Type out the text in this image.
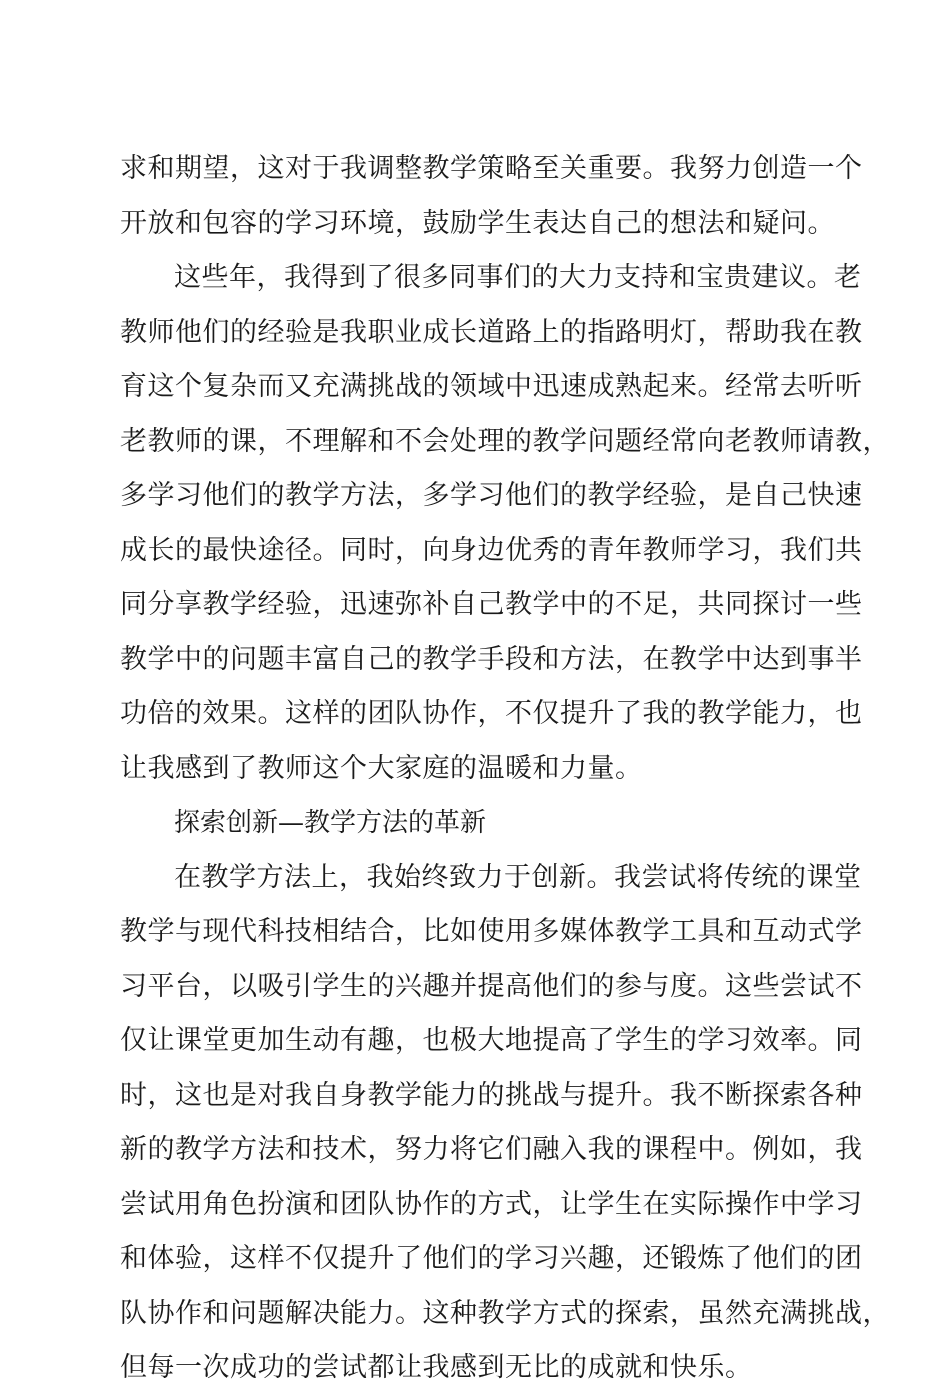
求和期望，这对于我调整教学策略至关重要。我努力创造一个
开放和包容的学习环境，鼓励学生表达自己的想法和疑问。
这些年，我得到了很多同事们的大力支持和宝贵建议。老
教师他们的经验是我职业成长道路上的指路明灯，帮助我在教
育这个复杂而又充满挑战的领域中迅速成熟起来。经常去听听
老教师的课，不理解和不会处理的教学问题经常向老教师请教，
多学习他们的教学方法，多学习他们的教学经验，是自己快速
成长的最快途径。同时，向身边优秀的青年教师学习，我们共
同分享教学经验，迅速弥补自己教学中的不足，共同探讨一些
教学中的问题丰富自己的教学手段和方法，在教学中达到事半
功倍的效果。这样的团队协作，不仅提升了我的教学能力，也
让我感到了教师这个大家庭的温暖和力量。
探索创新—教学方法的革新
在教学方法上，我始终致力于创新。我尝试将传统的课堂
教学与现代科技相结合，比如使用多媒体教学工具和互动式学
习平台，以吸引学生的兴趣并提高他们的参与度。这些尝试不
仅让课堂更加生动有趣，也极大地提高了学生的学习效率。同
时，这也是对我自身教学能力的挑战与提升。我不断探索各种
新的教学方法和技术，努力将它们融入我的课程中。例如，我
尝试用角色扮演和团队协作的方式，让学生在实际操作中学习
和体验，这样不仅提升了他们的学习兴趣，还锻炼了他们的团
队协作和问题解决能力。这种教学方式的探索，虽然充满挑战，
但每一次成功的尝试都让我感到无比的成就和快乐。
